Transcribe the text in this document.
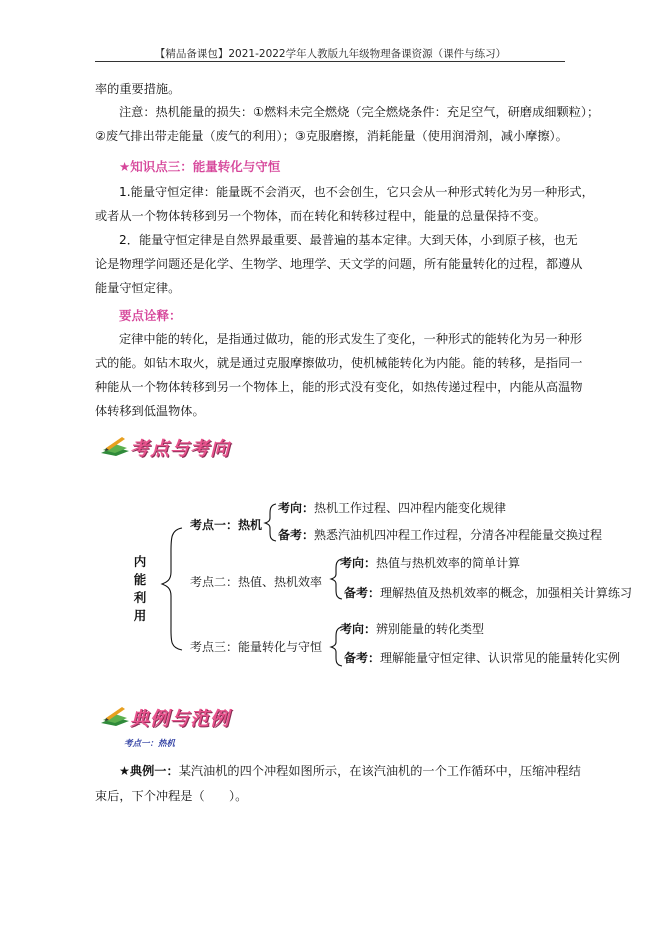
【精品备课包】2021-2022学年人教版九年级物理备课资源（课件与练习）
率的重要措施。
注意：热机能量的损失：①燃料未完全燃烧（完全燃烧条件：充足空气，研磨成细颗粒）；
②废气排出带走能量（废气的利用）；③克服磨擦，消耗能量（使用润滑剂，减小摩擦）。
★知识点三：能量转化与守恒
1.能量守恒定律：能量既不会消灭，也不会创生，它只会从一种形式转化为另一种形式，
或者从一个物体转移到另一个物体，而在转化和转移过程中，能量的总量保持不变。
2．能量守恒定律是自然界最重要、最普遍的基本定律。大到天体，小到原子核，也无
论是物理学问题还是化学、生物学、地理学、天文学的问题，所有能量转化的过程，都遵从
能量守恒定律。
要点诠释：
定律中能的转化，是指通过做功，能的形式发生了变化，一种形式的能转化为另一种形
式的能。如钻木取火，就是通过克服摩擦做功，使机械能转化为内能。能的转移，是指同一
种能从一个物体转移到另一个物体上，能的形式没有变化，如热传递过程中，内能从高温物
体转移到低温物体。
考点与考向
内
能
利
用
考点一：热机
考向：热机工作过程、四冲程内能变化规律
备考：熟悉汽油机四冲程工作过程，分清各冲程能量交换过程
考点二：热值、热机效率
考向：热值与热机效率的简单计算
备考：理解热值及热机效率的概念，加强相关计算练习
考点三：能量转化与守恒
考向：辨别能量的转化类型
备考：理解能量守恒定律、认识常见的能量转化实例
典例与范例
考点一：热机
★典例一：某汽油机的四个冲程如图所示，在该汽油机的一个工作循环中，压缩冲程结
束后，下个冲程是（　　）。
